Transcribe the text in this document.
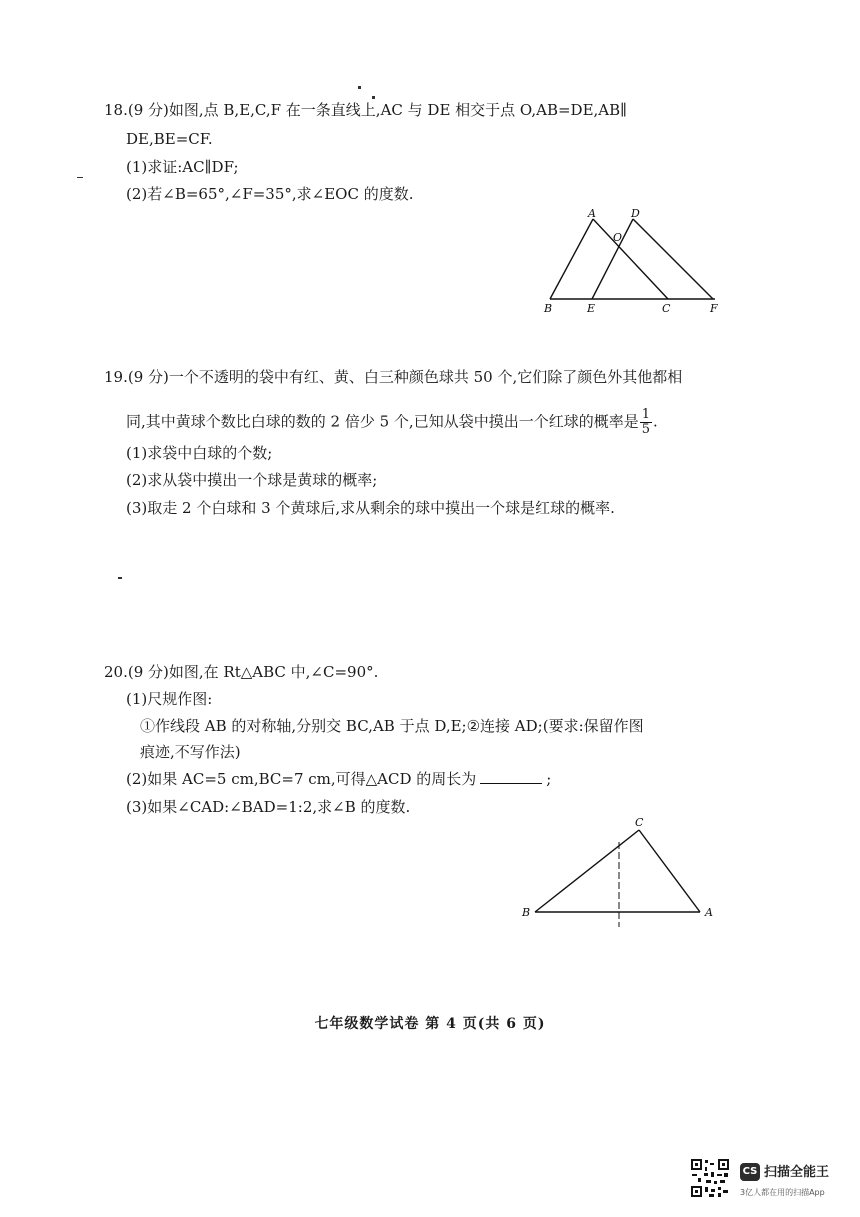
18.(9 分)如图,点 B,E,C,F 在一条直线上,AC 与 DE 相交于点 O,AB=DE,AB∥
DE,BE=CF.
(1)求证:AC∥DF;
(2)若∠B=65°,∠F=35°,求∠EOC 的度数.
A	D
O
B	E	C	F
19.(9 分)一个不透明的袋中有红、黄、白三种颜色球共 50 个,它们除了颜色外其他都相
同,其中黄球个数比白球的数的 2 倍少 5 个,已知从袋中摸出一个红球的概率是 $\frac{1}{5}$ .
(1)求袋中白球的个数;
(2)求从袋中摸出一个球是黄球的概率;
(3)取走 2 个白球和 3 个黄球后,求从剩余的球中摸出一个球是红球的概率.
20.(9 分)如图,在 Rt△ABC 中,∠C=90°.
(1)尺规作图:
①作线段 AB 的对称轴,分别交 BC,AB 于点 D,E;②连接 AD;(要求:保留作图
痕迹,不写作法)
(2)如果 AC=5 cm,BC=7 cm,可得△ACD 的周长为	;
(3)如果∠CAD:∠BAD=1:2,求∠B 的度数.
C
B	A
七年级数学试卷 第 4 页(共 6 页)
CS 扫描全能王
3亿人都在用的扫描App
